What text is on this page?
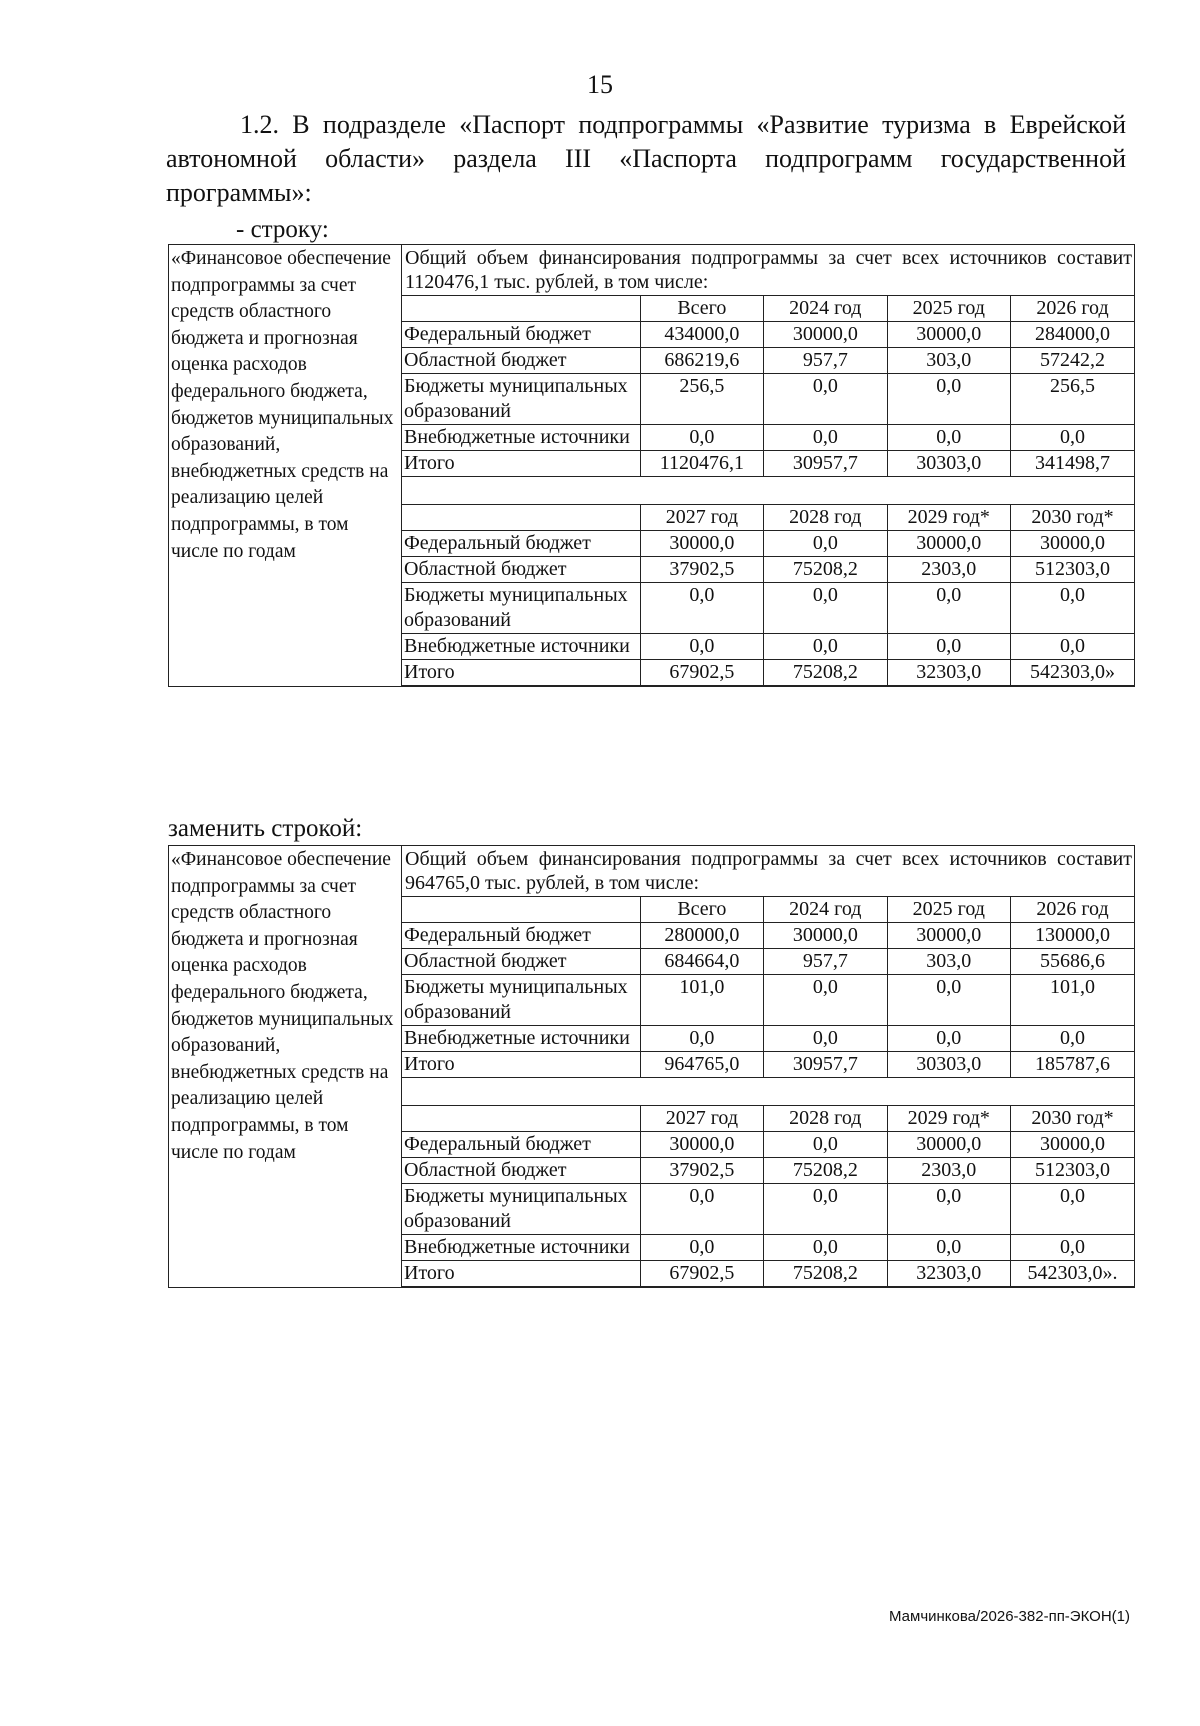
15

1.2. В подразделе «Паспорт подпрограммы «Развитие туризма в Еврейской автономной области» раздела III «Паспорта подпрограмм государственной программы»:

- строку:
«Финансовое обеспечение подпрограммы за счет средств областного бюджета и прогнозная оценка расходов федерального бюджета, бюджетов муниципальных образований, внебюджетных средств на реализацию целей подпрограммы, в том числе по годам	
Общий объем финансирования подпрограммы за счет всех источников составит 1120476,1 тыс. рублей, в том числе:
	Всего	2024 год	2025 год	2026 год
Федеральный бюджет	434000,0	30000,0	30000,0	284000,0
Областной бюджет	686219,6	957,7	303,0	57242,2
Бюджеты муниципальных образований	256,5	0,0	0,0	256,5
Внебюджетные источники	0,0	0,0	0,0	0,0
Итого	1120476,1	30957,7	30303,0	341498,7

	2027 год	2028 год	2029 год*	2030 год*
Федеральный бюджет	30000,0	0,0	30000,0	30000,0
Областной бюджет	37902,5	75208,2	2303,0	512303,0
Бюджеты муниципальных образований	0,0	0,0	0,0	0,0
Внебюджетные источники	0,0	0,0	0,0	0,0
Итого	67902,5	75208,2	32303,0	542303,0»
заменить строкой:
«Финансовое обеспечение подпрограммы за счет средств областного бюджета и прогнозная оценка расходов федерального бюджета, бюджетов муниципальных образований, внебюджетных средств на реализацию целей подпрограммы, в том числе по годам	
Общий объем финансирования подпрограммы за счет всех источников составит 964765,0 тыс. рублей, в том числе:
	Всего	2024 год	2025 год	2026 год
Федеральный бюджет	280000,0	30000,0	30000,0	130000,0
Областной бюджет	684664,0	957,7	303,0	55686,6
Бюджеты муниципальных образований	101,0	0,0	0,0	101,0
Внебюджетные источники	0,0	0,0	0,0	0,0
Итого	964765,0	30957,7	30303,0	185787,6

	2027 год	2028 год	2029 год*	2030 год*
Федеральный бюджет	30000,0	0,0	30000,0	30000,0
Областной бюджет	37902,5	75208,2	2303,0	512303,0
Бюджеты муниципальных образований	0,0	0,0	0,0	0,0
Внебюджетные источники	0,0	0,0	0,0	0,0
Итого	67902,5	75208,2	32303,0	542303,0».
Мамчинкова/2026-382-пп-ЭКОН(1)
